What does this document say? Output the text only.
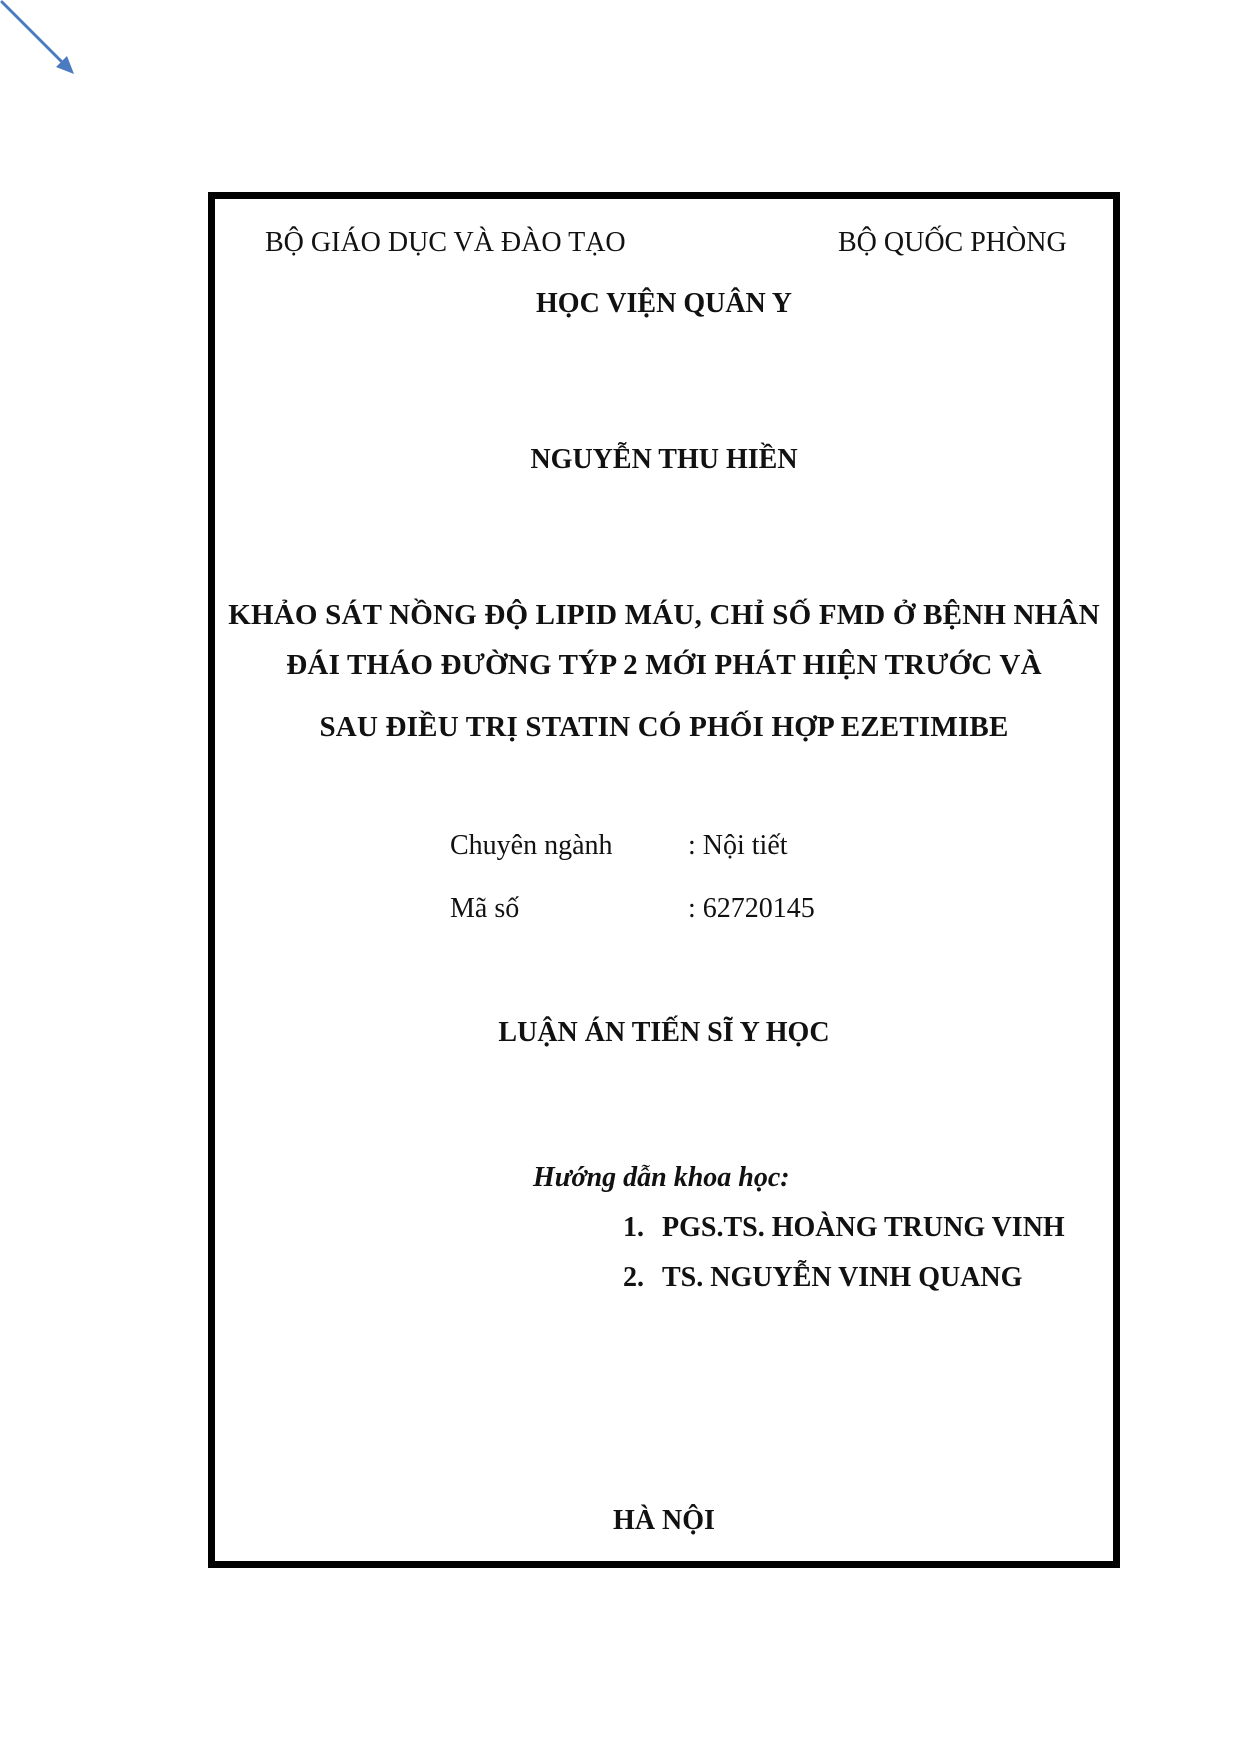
BỘ GIÁO DỤC VÀ ĐÀO TẠO	BỘ QUỐC PHÒNG
HỌC VIỆN QUÂN Y
NGUYỄN THU HIỀN
KHẢO SÁT NỒNG ĐỘ LIPID MÁU, CHỈ SỐ FMD Ở BỆNH NHÂN
ĐÁI THÁO ĐƯỜNG TÝP 2 MỚI PHÁT HIỆN TRƯỚC VÀ
SAU ĐIỀU TRỊ STATIN CÓ PHỐI HỢP EZETIMIBE
Chuyên ngành	: Nội tiết
Mã số	: 62720145
LUẬN ÁN TIẾN SĨ Y HỌC
Hướng dẫn khoa học:
1. PGS.TS. HOÀNG TRUNG VINH
2. TS. NGUYỄN VINH QUANG
HÀ NỘI
